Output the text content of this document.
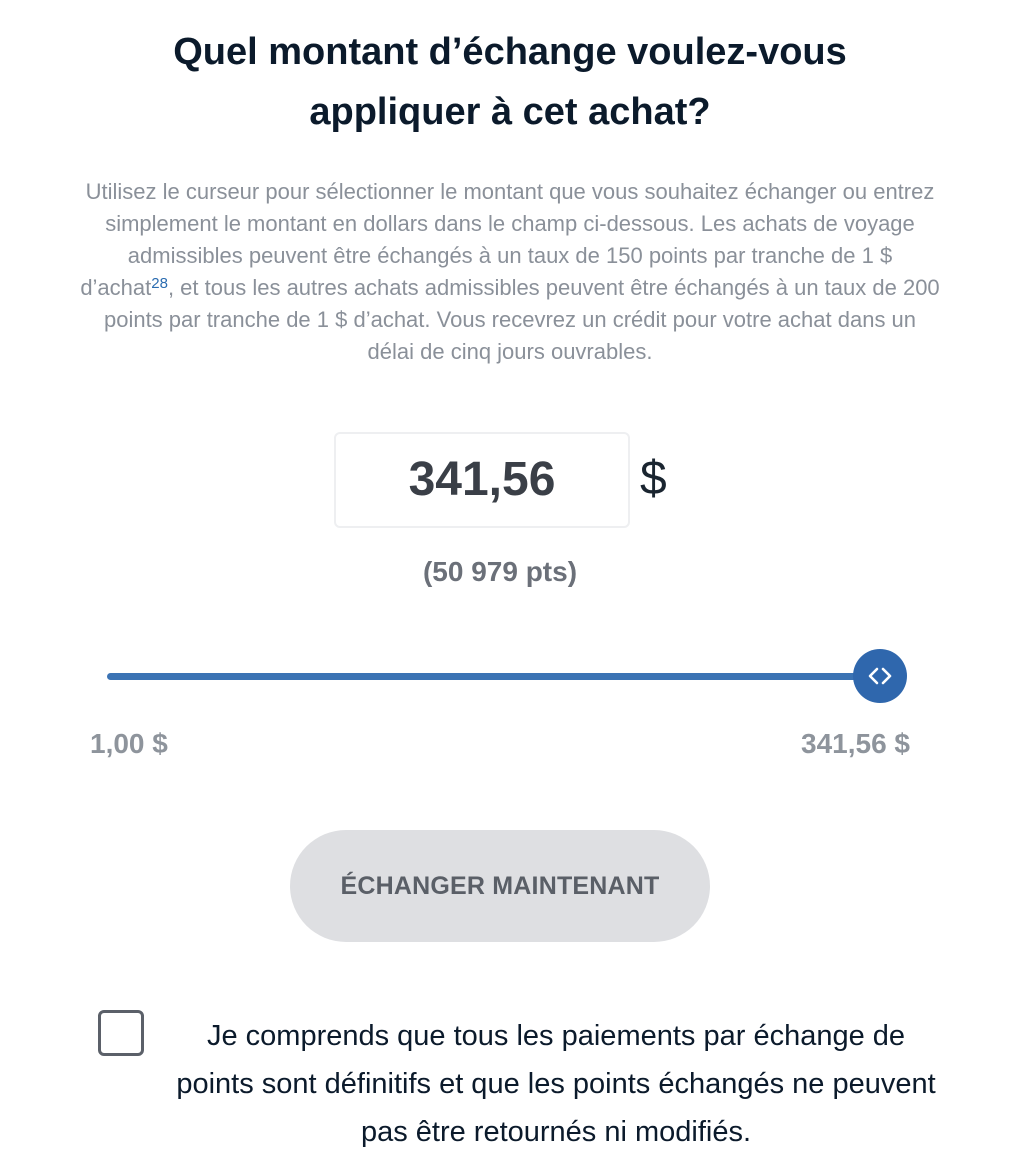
Quel montant d’échange voulez-vous
appliquer à cet achat?

Utilisez le curseur pour sélectionner le montant que vous souhaitez échanger ou entrez simplement le montant en dollars dans le champ ci-dessous. Les achats de voyage admissibles peuvent être échangés à un taux de 150 points par tranche de 1 $ d’achat$^{28}$, et tous les autres achats admissibles peuvent être échangés à un taux de 200 points par tranche de 1 $ d’achat. Vous recevrez un crédit pour votre achat dans un délai de cinq jours ouvrables.

341,56
$
(50 979 pts)
1,00 $	341,56 $
ÉCHANGER MAINTENANT

Je comprends que tous les paiements par échange de points sont définitifs et que les points échangés ne peuvent pas être retournés ni modifiés.
